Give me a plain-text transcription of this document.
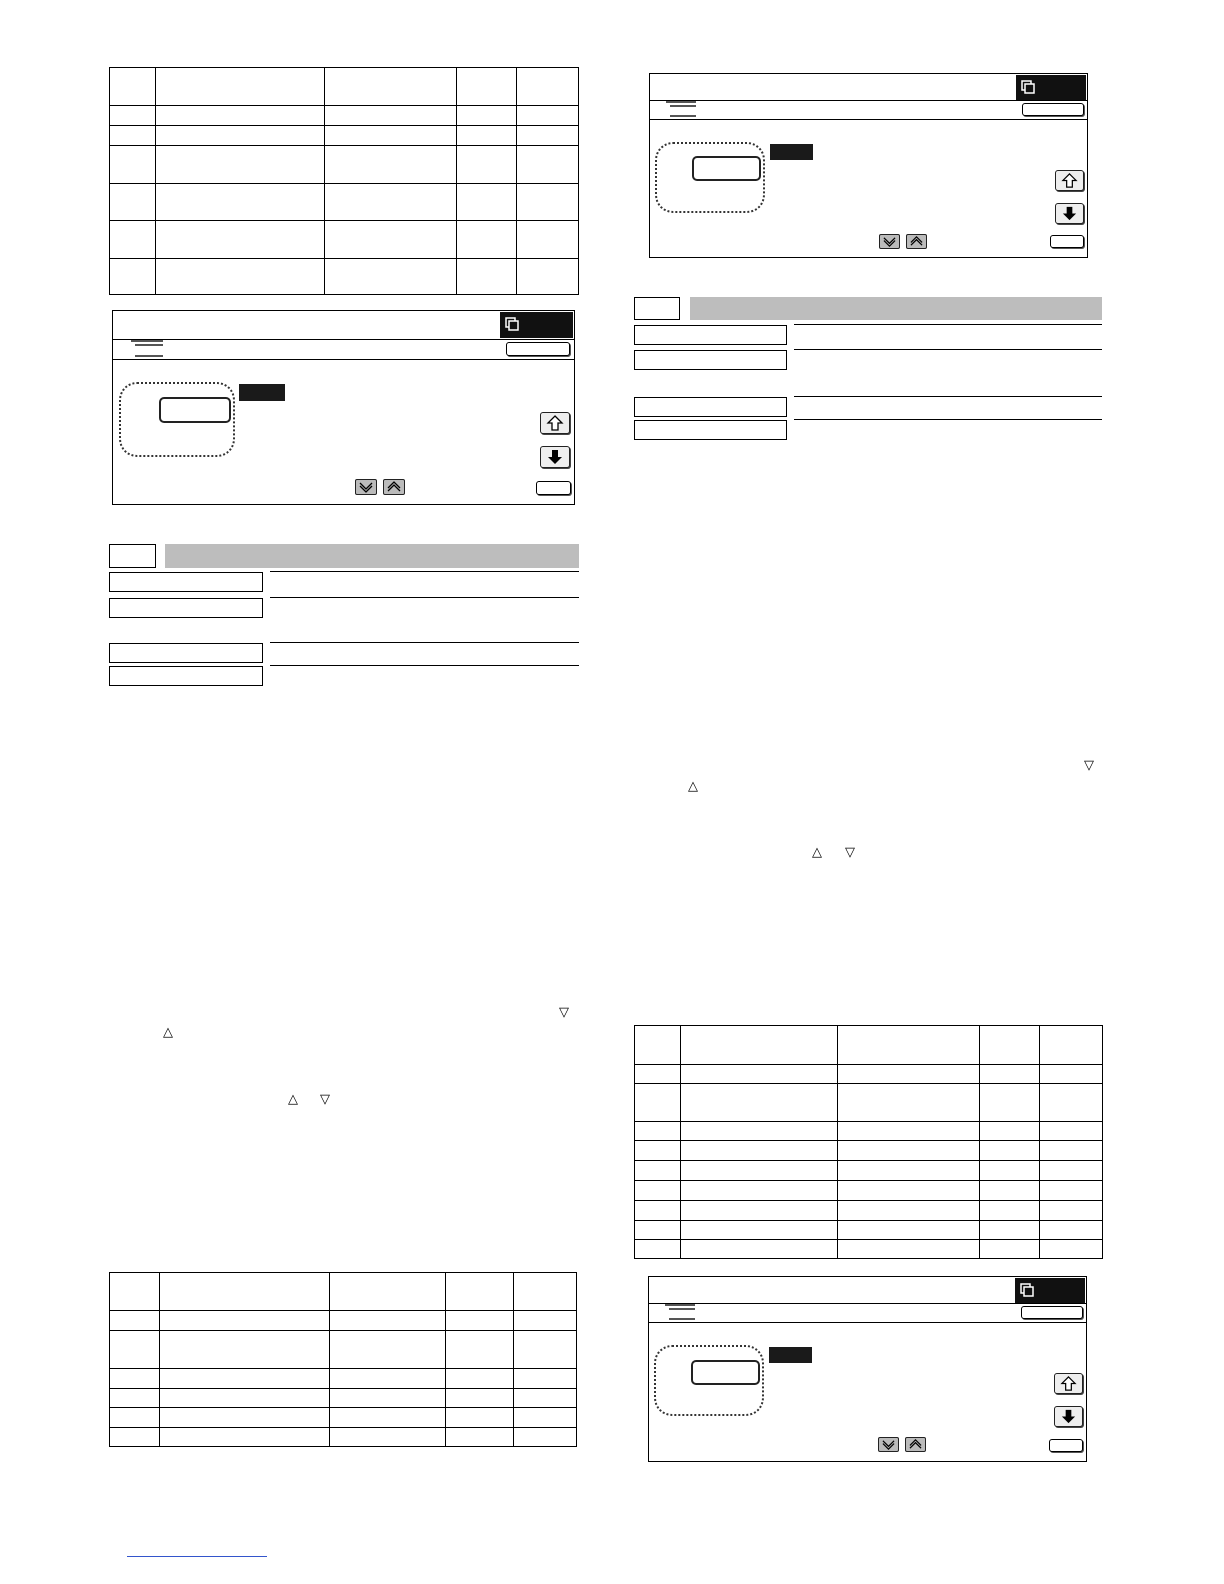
▽
△
△ ▽
▽
△
△ ▽
